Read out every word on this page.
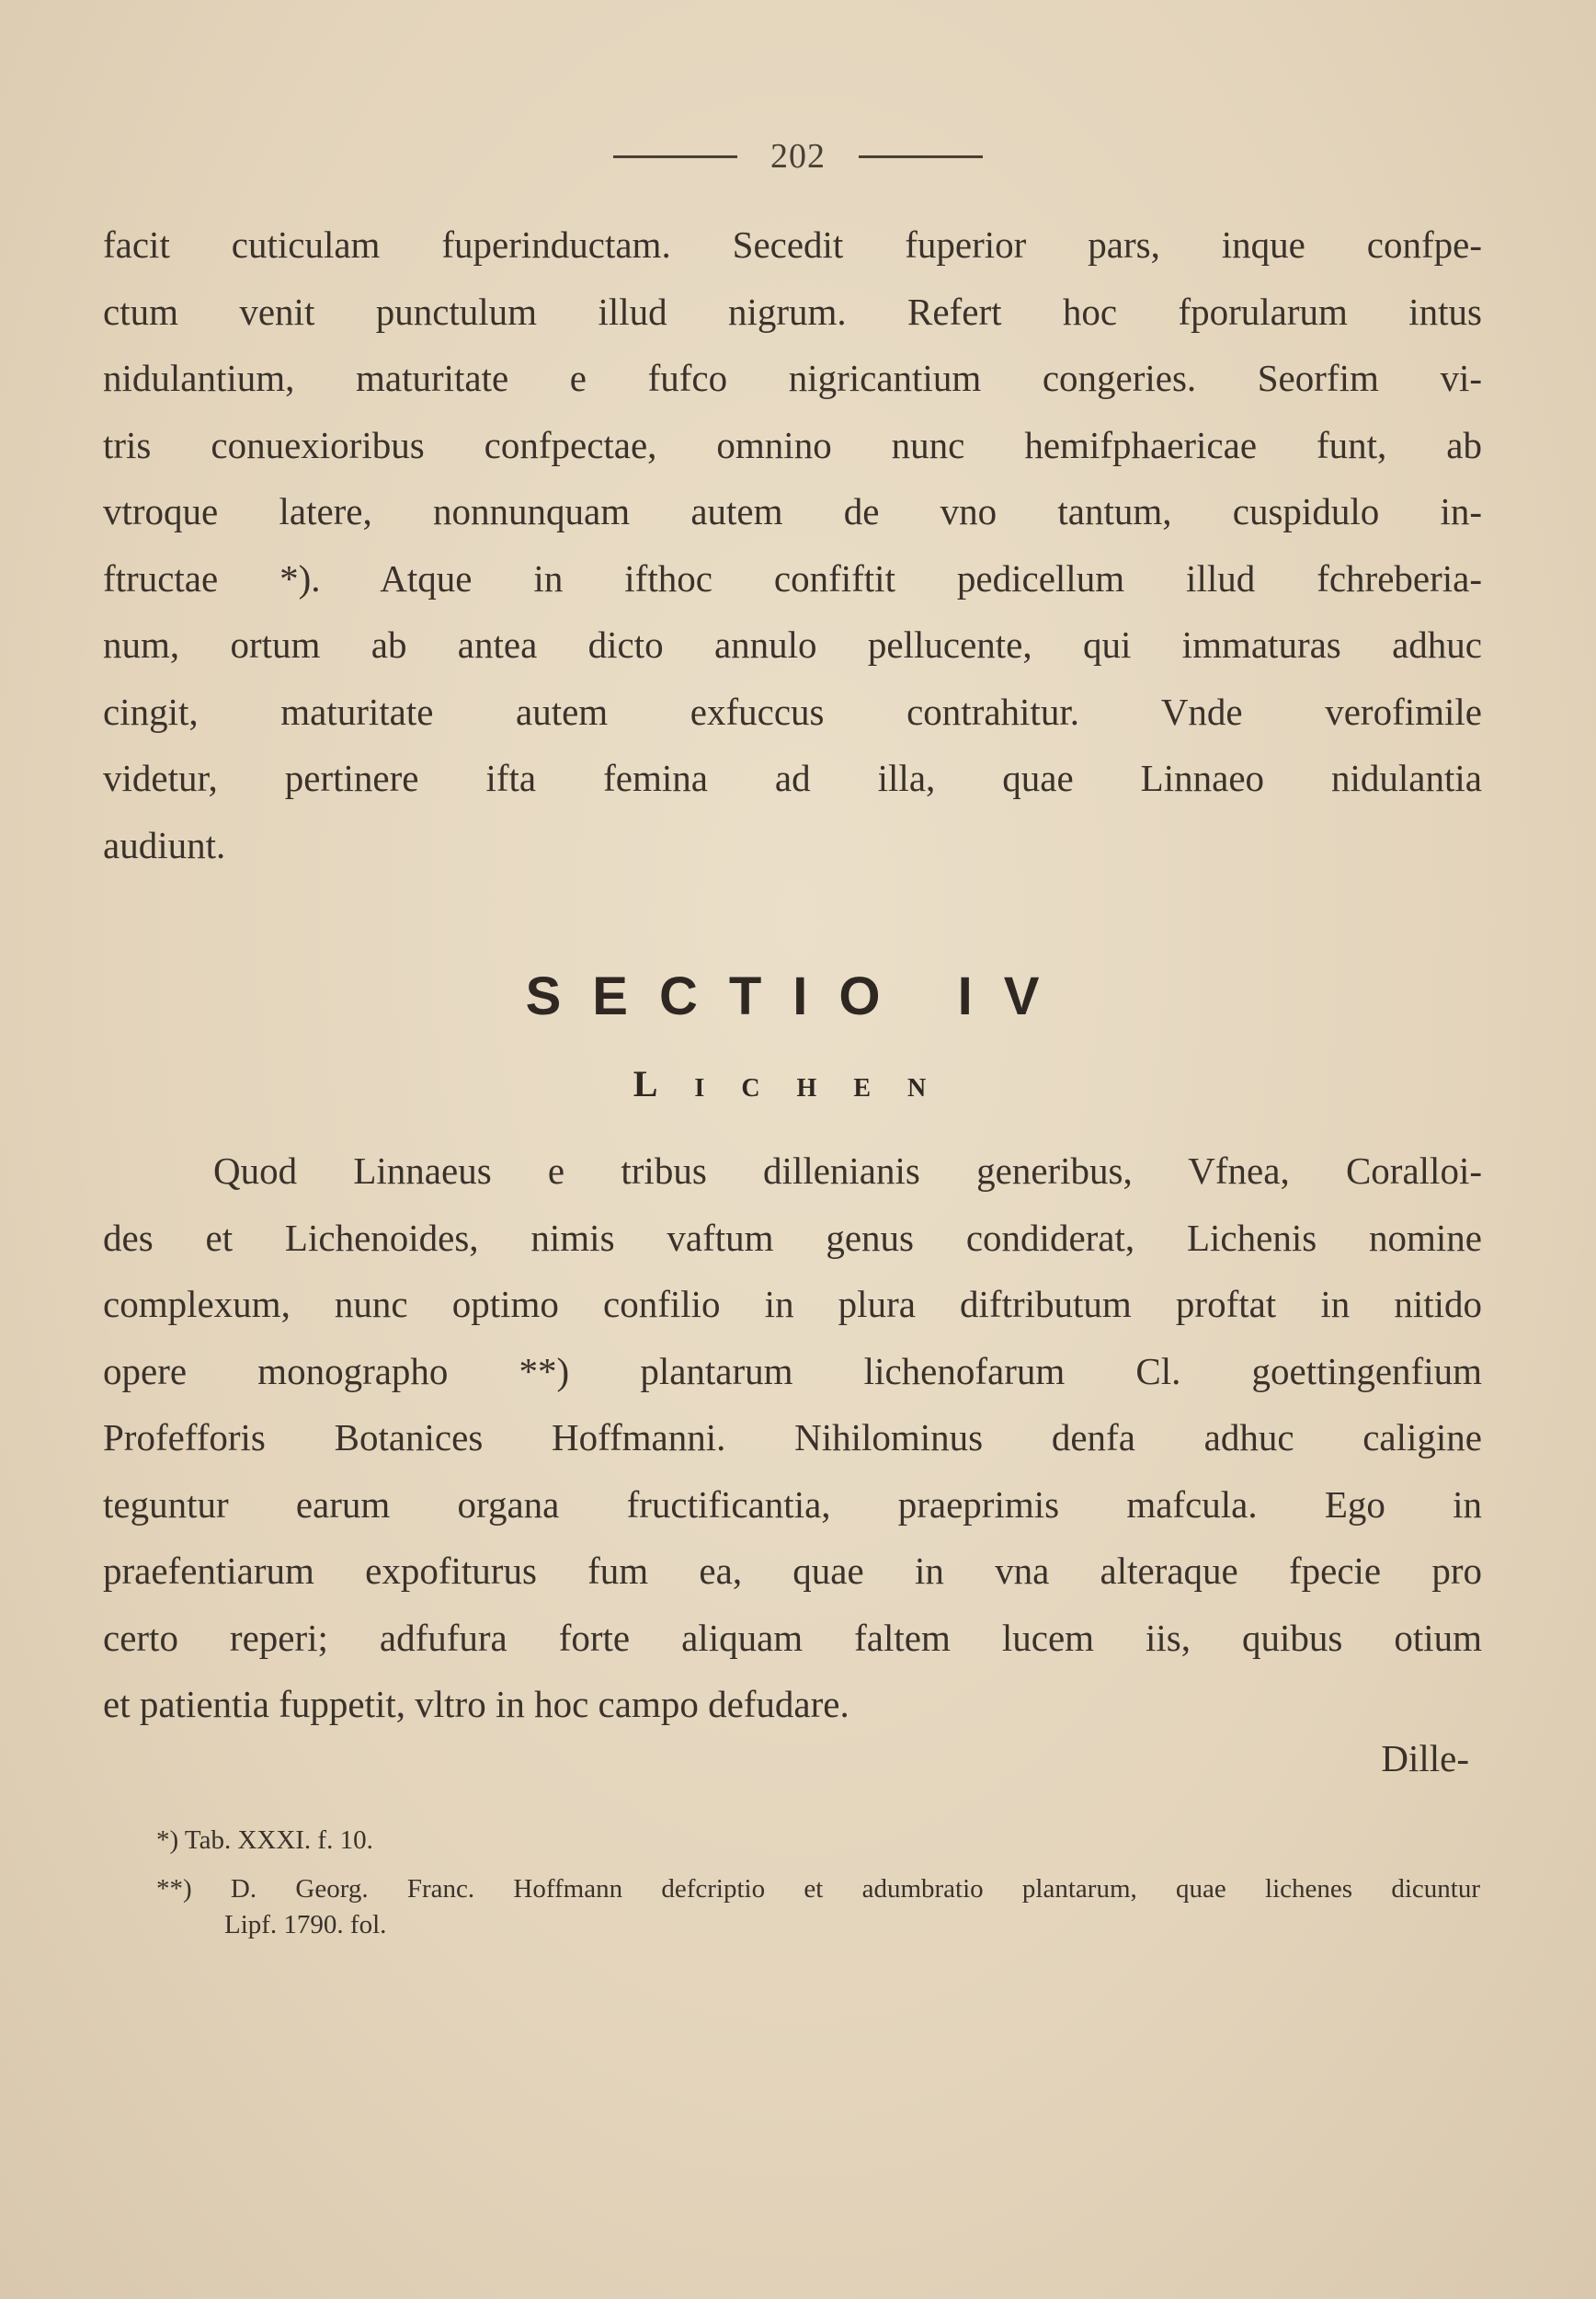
202
facit cuticulam fuperinductam. Secedit fuperior pars, inque confpe-
ctum venit punctulum illud nigrum. Refert hoc fporularum intus
nidulantium, maturitate e fufco nigricantium congeries. Seorfim vi-
tris conuexioribus confpectae, omnino nunc hemifphaericae funt, ab
vtroque latere, nonnunquam autem de vno tantum, cuspidulo in-
ftructae *). Atque in ifthoc confiftit pedicellum illud fchreberia-
num, ortum ab antea dicto annulo pellucente, qui immaturas adhuc
cingit, maturitate autem exfuccus contrahitur. Vnde verofimile
videtur, pertinere ifta femina ad illa, quae Linnaeo nidulantia
audiunt.
SECTIO IV
Lichen
Quod Linnaeus e tribus dillenianis generibus, Vfnea, Coralloi-
des et Lichenoides, nimis vaftum genus condiderat, Lichenis nomine
complexum, nunc optimo confilio in plura diftributum proftat in nitido
opere monographo **) plantarum lichenofarum Cl. goettingenfium
Profefforis Botanices Hoffmanni. Nihilominus denfa adhuc caligine
teguntur earum organa fructificantia, praeprimis mafcula. Ego in
praefentiarum expofiturus fum ea, quae in vna alteraque fpecie pro
certo reperi; adfufura forte aliquam faltem lucem iis, quibus otium
et patientia fuppetit, vltro in hoc campo defudare.

Dille-

*) Tab. XXXI. f. 10.
**) D. Georg. Franc. Hoffmann defcriptio et adumbratio plantarum, quae lichenes dicuntur
Lipf. 1790. fol.
